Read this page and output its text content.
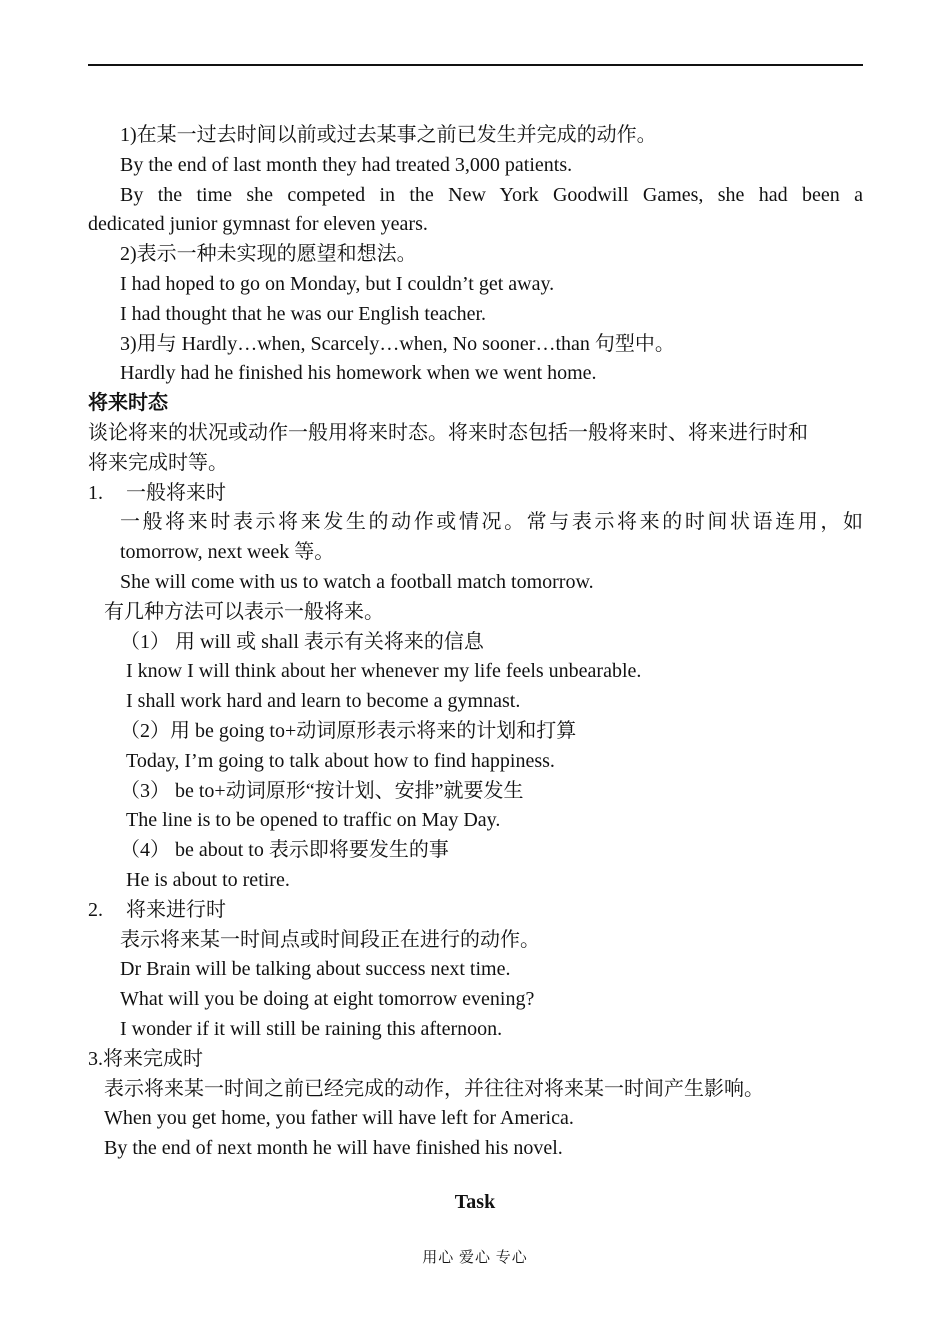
1)在某一过去时间以前或过去某事之前已发生并完成的动作。

By the end of last month they had treated 3,000 patients.

By the time she competed in the New York Goodwill Games, she had been a

dedicated junior gymnast for eleven years.

2)表示一种未实现的愿望和想法。

I had hoped to go on Monday, but I couldn’t get away.

I had thought that he was our English teacher.

3)用与 Hardly…when, Scarcely…when, No sooner…than 句型中。

Hardly had he finished his homework when we went home.

将来时态

谈论将来的状况或动作一般用将来时态。将来时态包括一般将来时、将来进行时和

将来完成时等。

1. 一般将来时

一般将来时表示将来发生的动作或情况。常与表示将来的时间状语连用，如

tomorrow, next week 等。

She will come with us to watch a football match tomorrow.

有几种方法可以表示一般将来。

（1） 用 will 或 shall 表示有关将来的信息

I know I will think about her whenever my life feels unbearable.

I shall work hard and learn to become a gymnast.

（2）用 be going to+动词原形表示将来的计划和打算

Today, I’m going to talk about how to find happiness.

（3） be to+动词原形“按计划、安排”就要发生

The line is to be opened to traffic on May Day.

（4） be about to 表示即将要发生的事

He is about to retire.

2. 将来进行时

表示将来某一时间点或时间段正在进行的动作。

Dr Brain will be talking about success next time.

What will you be doing at eight tomorrow evening?

I wonder if it will still be raining this afternoon.

3.将来完成时

表示将来某一时间之前已经完成的动作，并往往对将来某一时间产生影响。

When you get home, you father will have left for America.

By the end of next month he will have finished his novel.

Task
用心 爱心 专心
